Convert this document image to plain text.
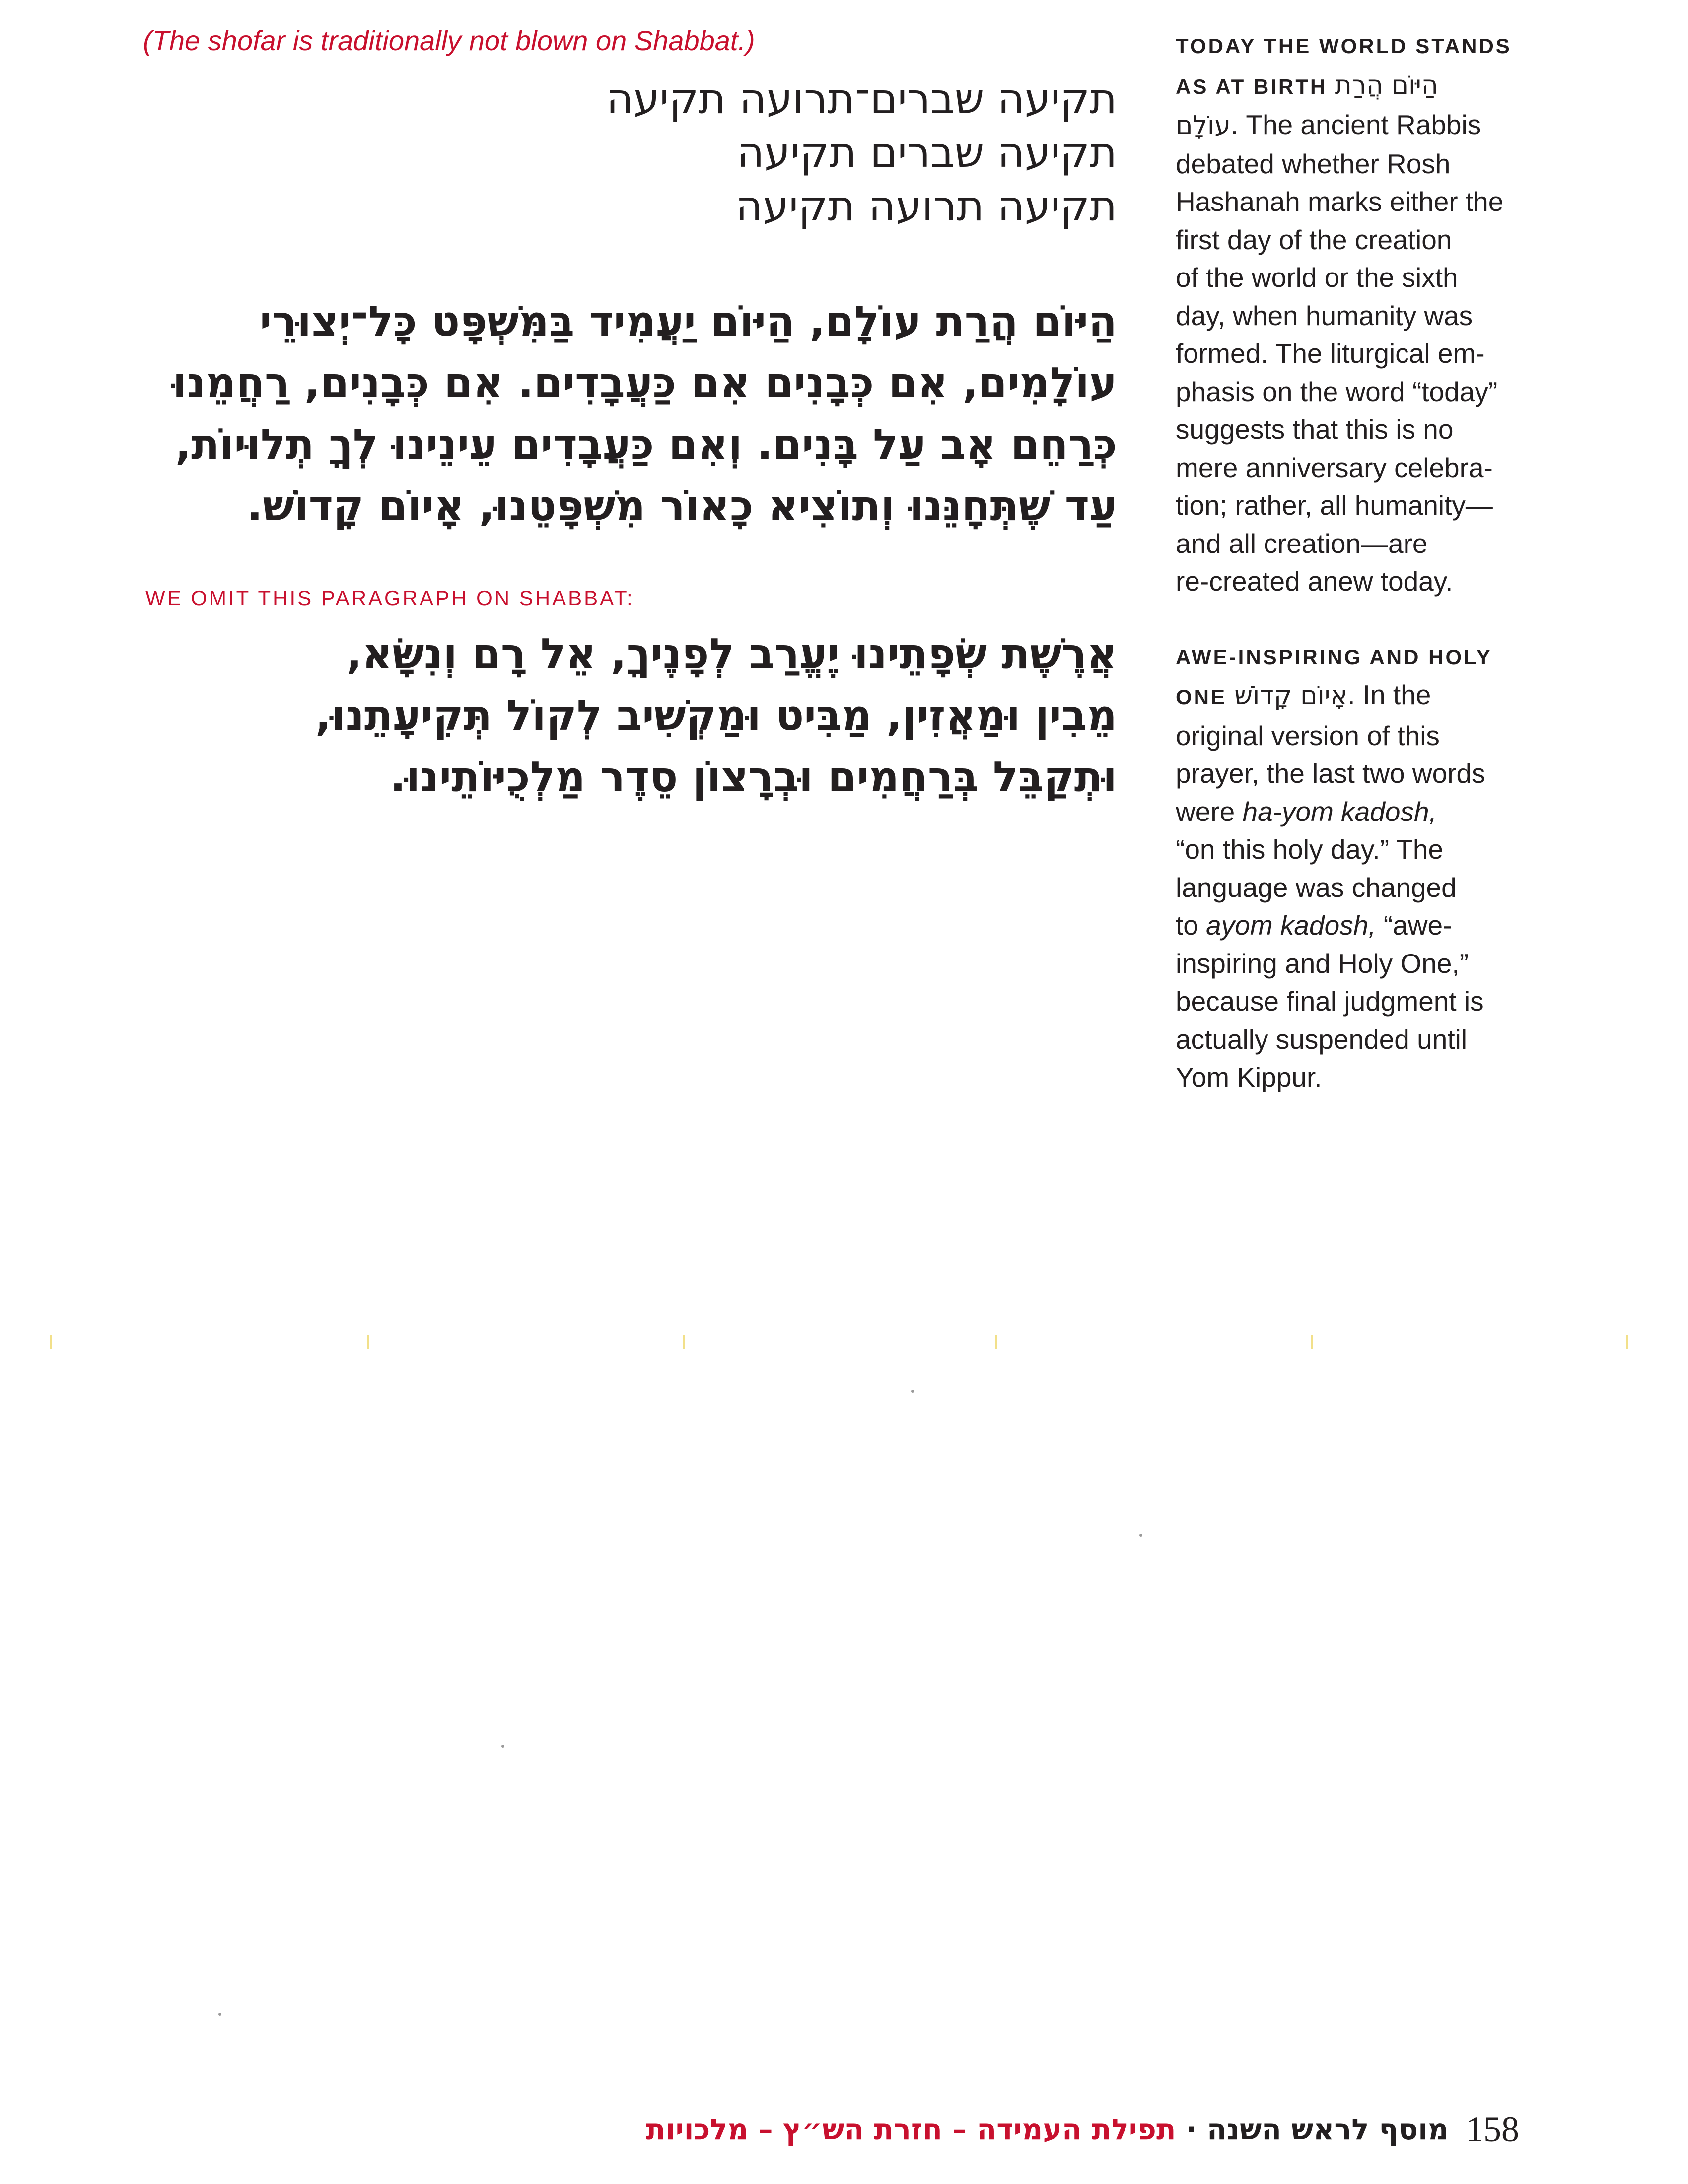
(The shofar is traditionally not blown on Shabbat.)
תקיעה שברים־תרועה תקיעה
תקיעה שברים תקיעה
תקיעה תרועה תקיעה
הַיּוֹם הֲרַת עוֹלָם, הַיּוֹם יַעֲמִיד בַּמִּשְׁפָּט כָּל־יְצוּרֵי
עוֹלָמִים, אִם כְּבָנִים אִם כַּעֲבָדִים. אִם כְּבָנִים, רַחֲמֵנוּ
כְּרַחֵם אָב עַל בָּנִים. וְאִם כַּעֲבָדִים עֵינֵינוּ לְךָ תְלוּיוֹת,
עַד שֶׁתְּחָנֵּנוּ וְתוֹצִיא כָאוֹר מִשְׁפָּטֵנוּ, אָיוֹם קָדוֹשׁ.
WE OMIT THIS PARAGRAPH ON SHABBAT:
אֲרֶשֶׁת שְׂפָתֵינוּ יֶעֱרַב לְפָנֶיךָ, אֵל רָם וְנִשָּׂא,
מֵבִין וּמַאֲזִין, מַבִּיט וּמַקְשִׁיב לְקוֹל תְּקִיעָתֵנוּ,
וּתְקַבֵּל בְּרַחֲמִים וּבְרָצוֹן סֵדֶר מַלְכֻיּוֹתֵינוּ.
TODAY THE WORLD STANDS
AS AT BIRTH הַיּוֹם הֲרַת
עוֹלָם. The ancient Rabbis
debated whether Rosh
Hashanah marks either the
first day of the creation
of the world or the sixth
day, when humanity was
formed. The liturgical em-
phasis on the word “today”
suggests that this is no
mere anniversary celebra-
tion; rather, all humanity—
and all creation—are
re-created anew today.
AWE-INSPIRING AND HOLY
ONE אָיוֹם קָדוֹשׁ. In the
original version of this
prayer, the last two words
were ha-yom kadosh,
“on this holy day.” The
language was changed
to ayom kadosh, “awe-
inspiring and Holy One,”
because final judgment is
actually suspended until
Yom Kippur.
מוסף לראש השנה · תפילת העמידה – חזרת הש״ץ – מלכויות	158
